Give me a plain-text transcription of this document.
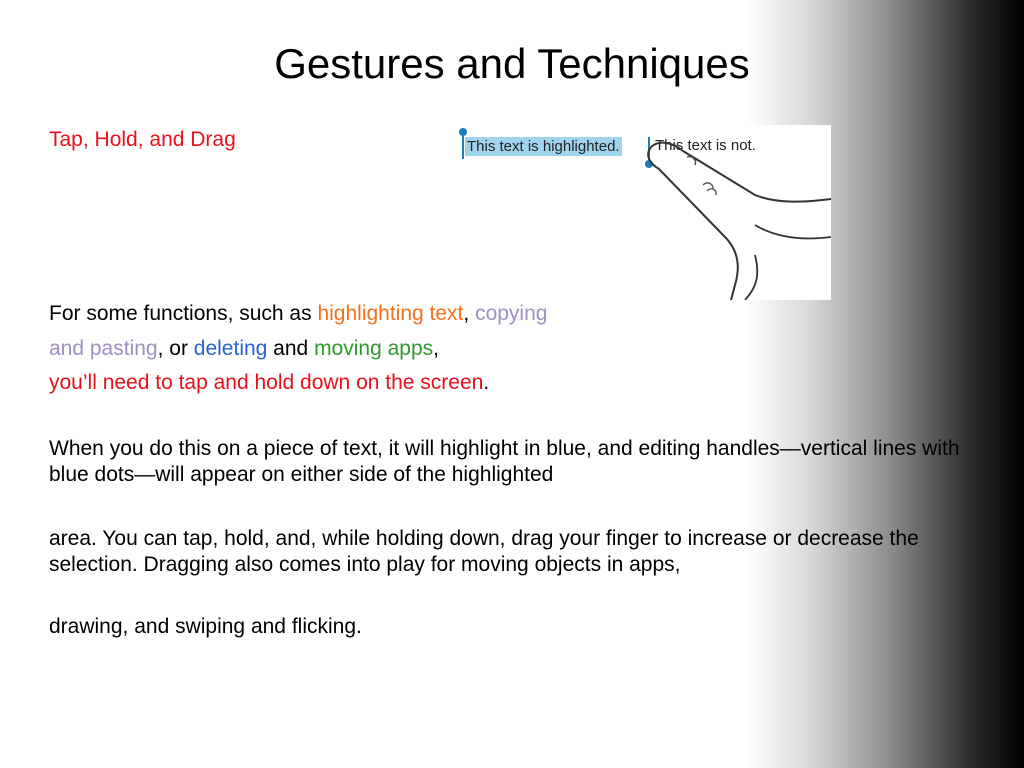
Gestures and Techniques
Tap, Hold, and Drag	This text is highlighted. This text is not.
For some functions, such as highlighting text, copying
and pasting, or deleting and moving apps,
you’ll need to tap and hold down on the screen.
When you do this on a piece of text, it will highlight in blue, and editing handles—vertical lines with blue dots—will appear on either side of the highlighted
area. You can tap, hold, and, while holding down, drag your finger to increase or decrease the selection. Dragging also comes into play for moving objects in apps,
drawing, and swiping and flicking.
